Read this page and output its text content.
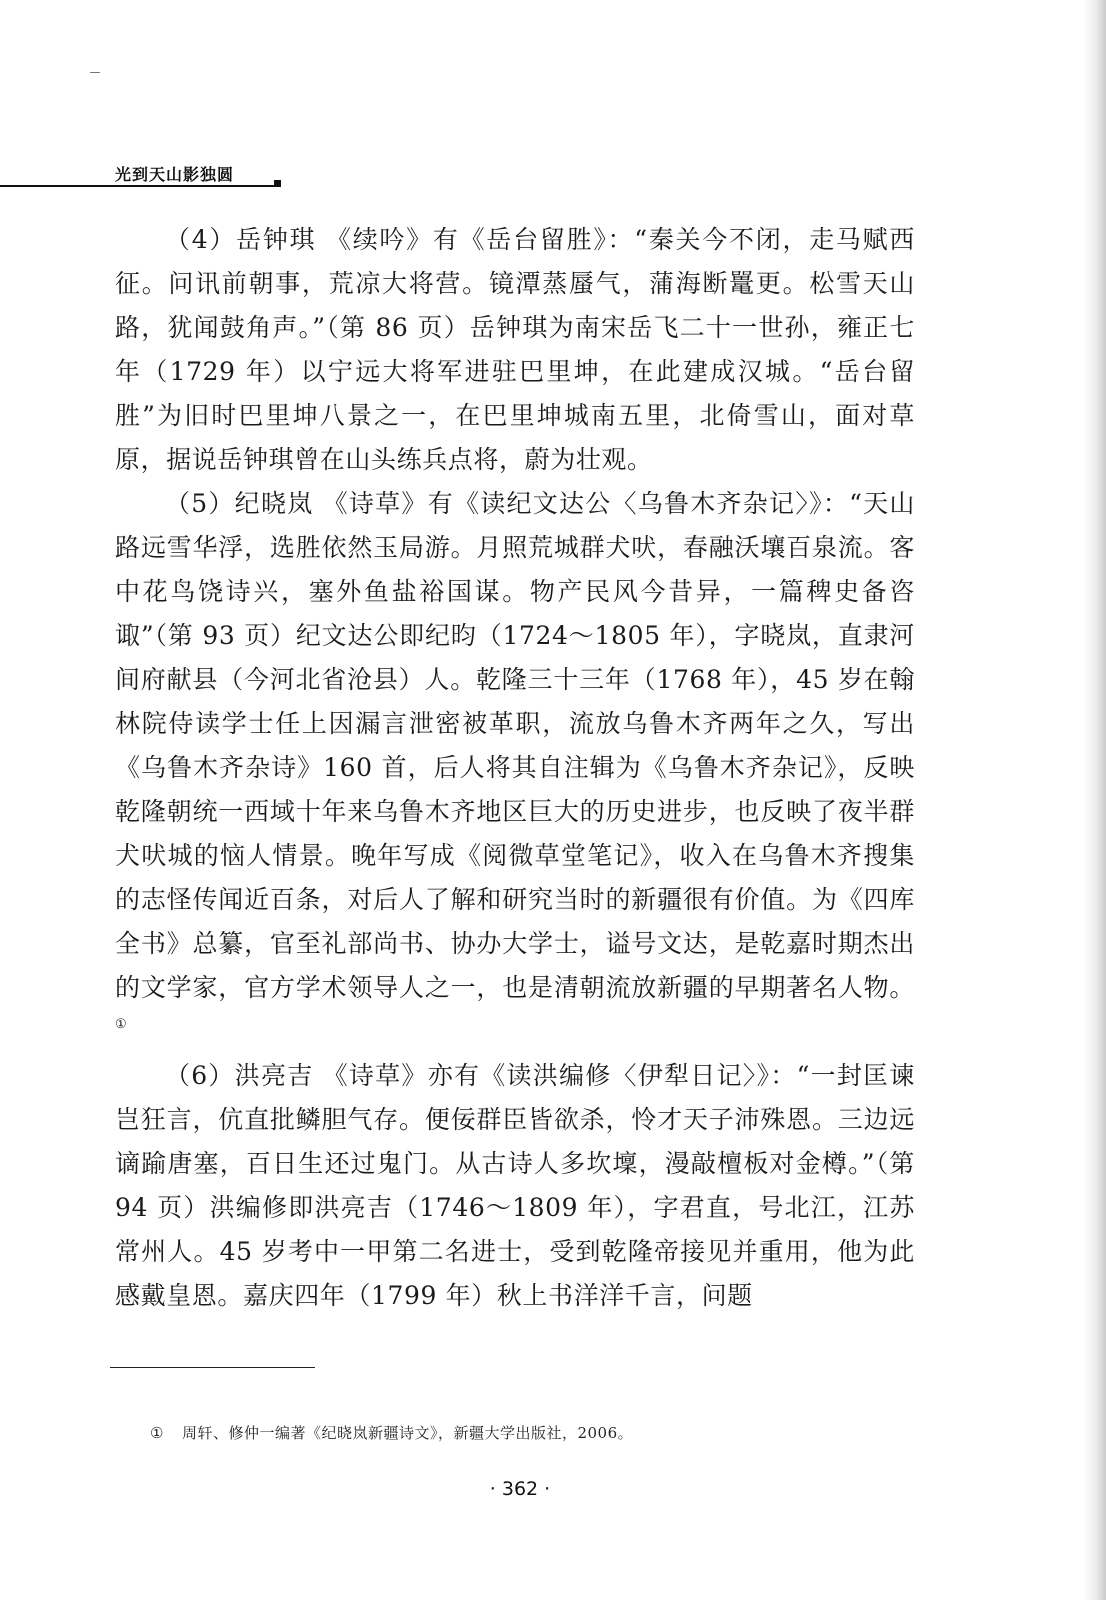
光到天山影独圆

（4）岳钟琪 《续吟》有《岳台留胜》：“秦关今不闭，走马赋西征。问讯前朝事，荒凉大将营。镜潭蒸蜃气，蒲海断鼍更。松雪天山路，犹闻鼓角声。”（第 86 页）岳钟琪为南宋岳飞二十一世孙，雍正七年（1729 年）以宁远大将军进驻巴里坤，在此建成汉城。“岳台留胜”为旧时巴里坤八景之一，在巴里坤城南五里，北倚雪山，面对草原，据说岳钟琪曾在山头练兵点将，蔚为壮观。

（5）纪晓岚 《诗草》有《读纪文达公〈乌鲁木齐杂记〉》：“天山路远雪华浮，选胜依然玉局游。月照荒城群犬吠，春融沃壤百泉流。客中花鸟饶诗兴，塞外鱼盐裕国谋。物产民风今昔异，一篇稗史备咨诹”（第 93 页）纪文达公即纪昀（1724～1805 年），字晓岚，直隶河间府献县（今河北省沧县）人。乾隆三十三年（1768 年），45 岁在翰林院侍读学士任上因漏言泄密被革职，流放乌鲁木齐两年之久，写出《乌鲁木齐杂诗》160 首，后人将其自注辑为《乌鲁木齐杂记》，反映乾隆朝统一西域十年来乌鲁木齐地区巨大的历史进步，也反映了夜半群犬吠城的恼人情景。晚年写成《阅微草堂笔记》，收入在乌鲁木齐搜集的志怪传闻近百条，对后人了解和研究当时的新疆很有价值。为《四库全书》总纂，官至礼部尚书、协办大学士，谥号文达，是乾嘉时期杰出的文学家，官方学术领导人之一，也是清朝流放新疆的早期著名人物。①

（6）洪亮吉 《诗草》亦有《读洪编修〈伊犁日记〉》：“一封匡谏岂狂言，伉直批鳞胆气存。便佞群臣皆欲杀，怜才天子沛殊恩。三边远谪踰唐塞，百日生还过鬼门。从古诗人多坎壈，漫敲檀板对金樽。”（第 94 页）洪编修即洪亮吉（1746～1809 年），字君直，号北江，江苏常州人。45 岁考中一甲第二名进士，受到乾隆帝接见并重用，他为此感戴皇恩。嘉庆四年（1799 年）秋上书洋洋千言，问题

① 周轩、修仲一编著《纪晓岚新疆诗文》，新疆大学出版社，2006。
· 362 ·
